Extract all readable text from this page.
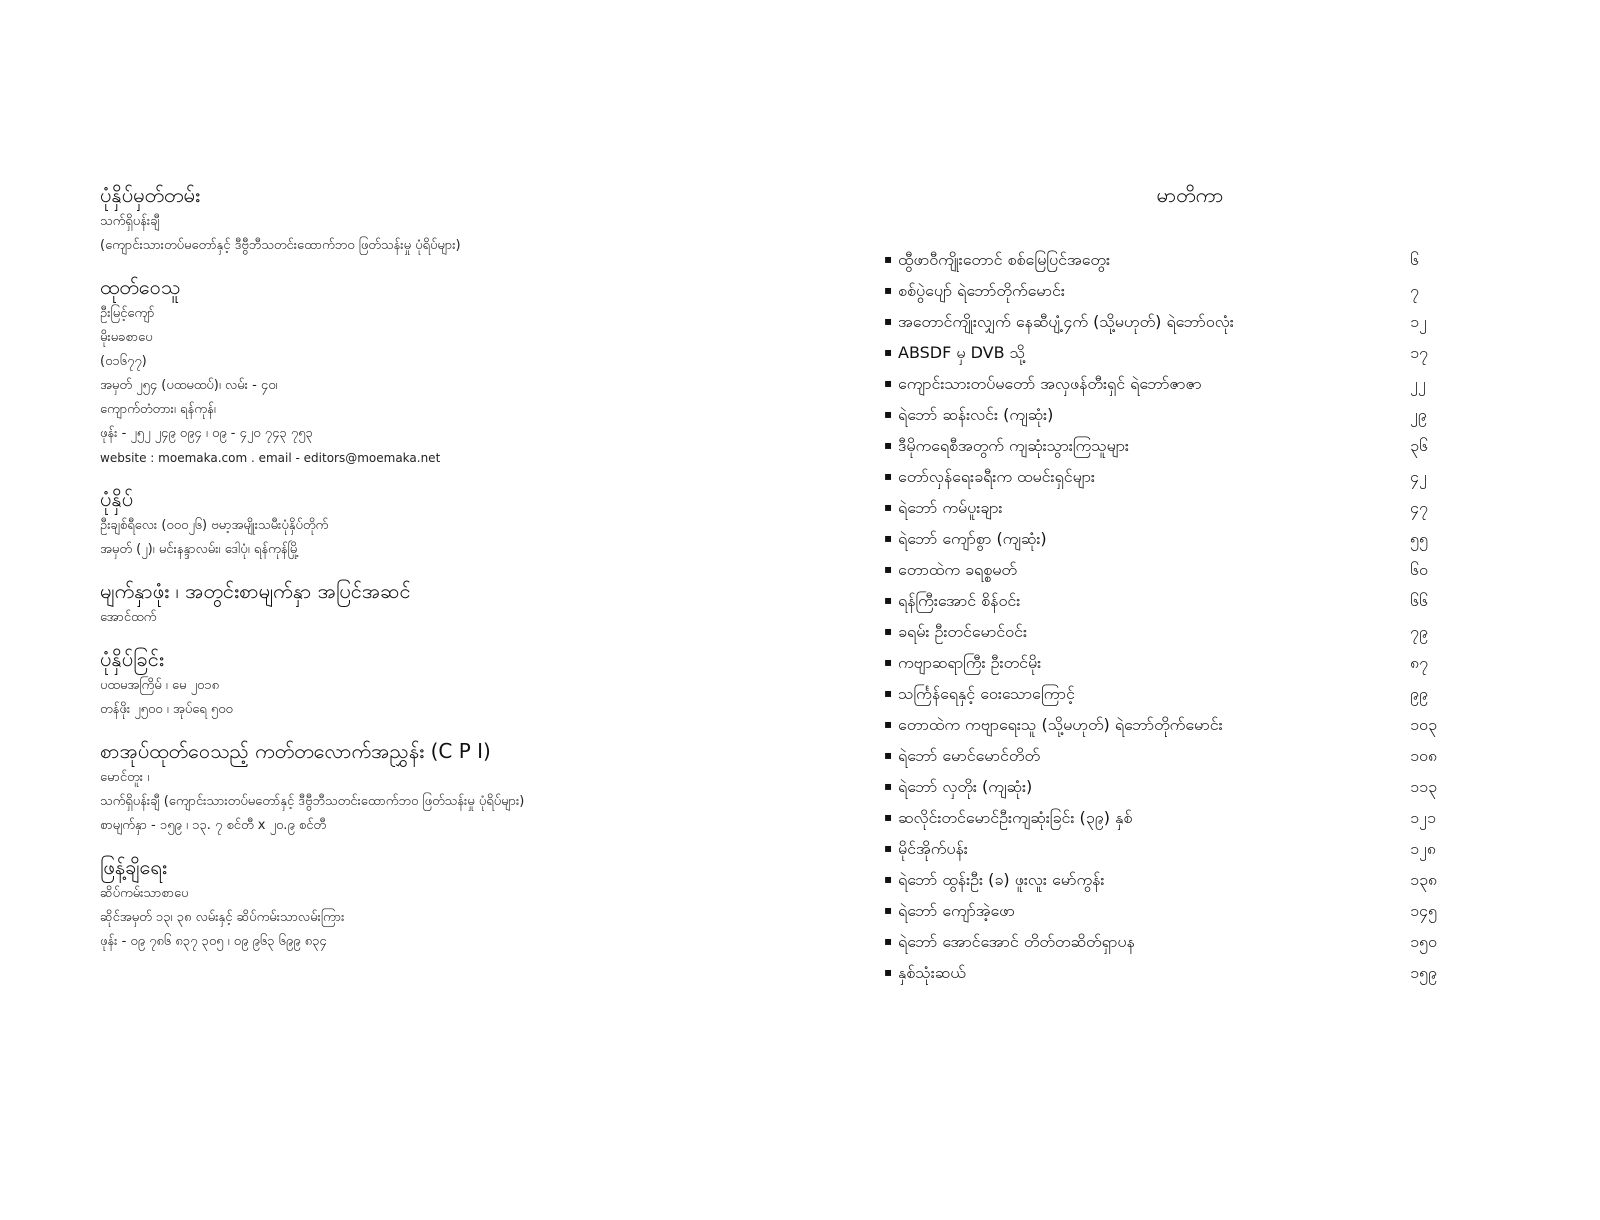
ပုံနှိပ်မှတ်တမ်း
သက်ရှိပန်းချီ
(ကျောင်းသားတပ်မတော်နှင့် ဒီဗွီဘီသတင်းထောက်ဘဝ ဖြတ်သန်းမှု ပုံရိပ်များ)
ထုတ်ဝေသူ
ဦးမြင့်ကျော်
မိုးမခစာပေ
(၀၁၆၇၇)
အမှတ် ၂၅၄ (ပထမထပ်)၊ လမ်း - ၄၀၊
ကျောက်တံတား၊ ရန်ကုန်၊
ဖုန်း - ၂၅၂ ၂၄၉ ၀၉၄ ၊ ၀၉ - ၄၂၀ ၇၄၃ ၇၅၃
website : moemaka.com . email - editors@moemaka.net
ပုံနှိပ်
ဦးချစ်ရီလေး (၀၀၀၂၆) ဗမာ့အမျိုးသမီးပုံနှိပ်တိုက်
အမှတ် (၂)၊ မင်းနန္ဒာလမ်း၊ ဒေါပုံ၊ ရန်ကုန်မြို့
မျက်နှာဖုံး ၊ အတွင်းစာမျက်နှာ အပြင်အဆင်
အောင်ထက်
ပုံနှိပ်ခြင်း
ပထမအကြိမ် ၊ မေ ၂၀၁၈
တန်ဖိုး ၂၅၀၀ ၊ အုပ်ရေ ၅၀၀
စာအုပ်ထုတ်ဝေသည့် ကတ်တလောက်အညွှန်း (C P I)
မောင်တူး ၊
သက်ရှိပန်းချီ (ကျောင်းသားတပ်မတော်နှင့် ဒီဗွီဘီသတင်းထောက်ဘဝ ဖြတ်သန်းမှု ပုံရိပ်များ)
စာမျက်နှာ - ၁၅၉ ၊ ၁၃. ၇ စင်တီ x ၂၀.၉ စင်တီ
ဖြန့်ချိရေး
ဆိပ်ကမ်းသာစာပေ
ဆိုင်အမှတ် ၁၃၊ ၃၈ လမ်းနှင့် ဆိပ်ကမ်းသာလမ်းကြား
ဖုန်း - ၀၉ ၇၈၆ ၈၃၇ ၃၀၅ ၊ ၀၉ ၉၆၃ ၆၉၉ ၈၃၄
မာတိကာ
▪ ထွီဖာဝီကျိုးတောင် စစ်မြေပြင်အတွေး	၆
▪ စစ်ပွဲပျော် ရဲဘော်တိုက်မောင်း	၇
▪ အတောင်ကျိုးလျှက် နေဆီပျံ့၄က် (သို့မဟုတ်) ရဲဘော်ဝလုံး	၁၂
▪ ABSDF မှ DVB သို့	၁၇
▪ ကျောင်းသားတပ်မတော် အလှဖန်တီးရှင် ရဲဘော်ဇာဇာ	၂၂
▪ ရဲဘော် ဆန်းလင်း (ကျဆုံး)	၂၉
▪ ဒီမိုကရေစီအတွက် ကျဆုံးသွားကြသူများ	၃၆
▪ တော်လှန်ရေးခရီးက ထမင်းရှင်များ	၄၂
▪ ရဲဘော် ကမ်ပူးချား	၄၇
▪ ရဲဘော် ကျော်စွာ (ကျဆုံး)	၅၅
▪ တောထဲက ခရစ္စမတ်	၆၀
▪ ရန်ကြီးအောင် စိန်ဝင်း	၆၆
▪ ခရမ်း ဦးတင်မောင်ဝင်း	၇၉
▪ ကဗျာဆရာကြီး ဦးတင်မိုး	၈၇
▪ သင်္ကြန်ရေနှင့် ဝေးသောကြောင့်	၉၉
▪ တောထဲက ကဗျာရေးသူ (သို့မဟုတ်) ရဲဘော်တိုက်မောင်း	၁၀၃
▪ ရဲဘော် မောင်မောင်တိတ်	၁၀၈
▪ ရဲဘော် လှတိုး (ကျဆုံး)	၁၁၃
▪ ဆလိုင်းတင်မောင်ဦးကျဆုံးခြင်း (၃၉) နှစ်	၁၂၁
▪ မိုင်အိုက်ပန်း	၁၂၈
▪ ရဲဘော် ထွန်းဦး (ခ) ဖူးလူး မော်ကွန်း	၁၃၈
▪ ရဲဘော် ကျော်အဲ့ဖော	၁၄၅
▪ ရဲဘော် အောင်အောင် တိတ်တဆိတ်ရှာပန	၁၅၀
▪ နှစ်သုံးဆယ်	၁၅၉
